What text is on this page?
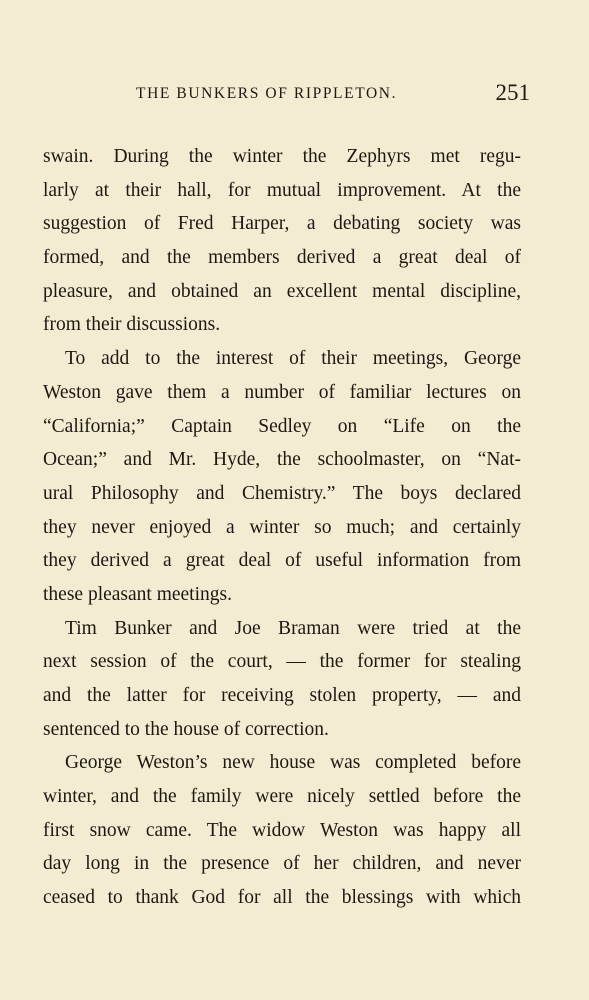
THE BUNKERS OF RIPPLETON.	251
swain. During the winter the Zephyrs met regu-
larly at their hall, for mutual improvement. At the
suggestion of Fred Harper, a debating society was
formed, and the members derived a great deal of
pleasure, and obtained an excellent mental discipline,
from their discussions.
To add to the interest of their meetings, George
Weston gave them a number of familiar lectures on
“California;” Captain Sedley on “Life on the
Ocean;” and Mr. Hyde, the schoolmaster, on “Nat-
ural Philosophy and Chemistry.” The boys declared
they never enjoyed a winter so much; and certainly
they derived a great deal of useful information from
these pleasant meetings.
Tim Bunker and Joe Braman were tried at the
next session of the court, — the former for stealing
and the latter for receiving stolen property, — and
sentenced to the house of correction.
George Weston’s new house was completed before
winter, and the family were nicely settled before the
first snow came. The widow Weston was happy all
day long in the presence of her children, and never
ceased to thank God for all the blessings with which
